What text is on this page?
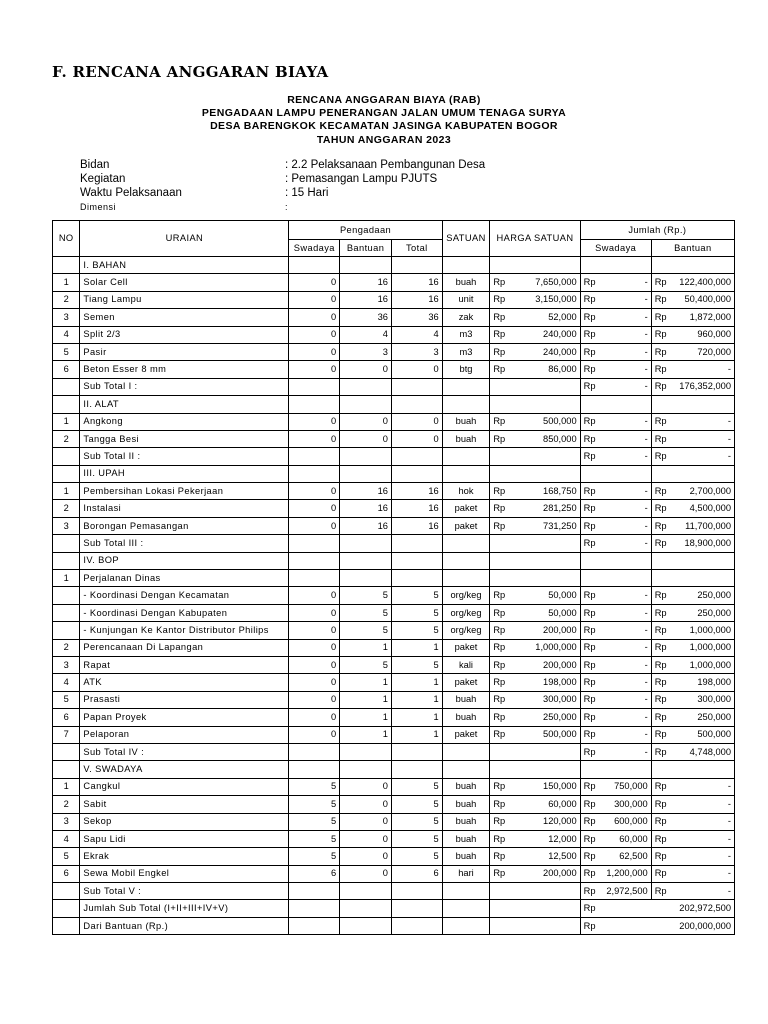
F. RENCANA ANGGARAN BIAYA
RENCANA ANGGARAN BIAYA (RAB)
PENGADAAN LAMPU PENERANGAN JALAN UMUM TENAGA SURYA
DESA BARENGKOK KECAMATAN JASINGA KABUPATEN BOGOR
TAHUN ANGGARAN 2023
Bidan	: 2.2 Pelaksanaan Pembangunan Desa
Kegiatan	: Pemasangan Lampu PJUTS
Waktu Pelaksanaan	: 15 Hari
Dimensi	:
NO	URAIAN	Pengadaan			SATUAN	HARGA SATUAN	Jumlah (Rp.)	
		Swadaya	Bantuan	Total			Swadaya	Bantuan
	I. BAHAN							
1	Solar Cell	0	16	16	buah	Rp 7,650,000	Rp -	Rp 122,400,000

2	Tiang Lampu	0	16	16	unit	Rp 3,150,000	Rp -	Rp 50,400,000

3	Semen	0	36	36	zak	Rp 52,000	Rp -	Rp 1,872,000

4	Split 2/3	0	4	4	m3	Rp 240,000	Rp -	Rp 960,000

5	Pasir	0	3	3	m3	Rp 240,000	Rp -	Rp 720,000

6	Beton Esser 8 mm	0	0	0	btg	Rp 86,000	Rp -	Rp -

	Sub Total I :						Rp -	Rp 176,352,000

	II. ALAT							
1	Angkong	0	0	0	buah	Rp 500,000	Rp -	Rp -

2	Tangga Besi	0	0	0	buah	Rp 850,000	Rp -	Rp -

	Sub Total II :						Rp -	Rp -

	III. UPAH							
1	Pembersihan Lokasi Pekerjaan	0	16	16	hok	Rp 168,750	Rp -	Rp 2,700,000

2	Instalasi	0	16	16	paket	Rp 281,250	Rp -	Rp 4,500,000

3	Borongan Pemasangan	0	16	16	paket	Rp 731,250	Rp -	Rp 11,700,000

	Sub Total III :						Rp -	Rp 18,900,000

	IV. BOP							
1	Perjalanan Dinas							
	- Koordinasi Dengan Kecamatan	0	5	5	org/keg	Rp 50,000	Rp -	Rp 250,000

	- Koordinasi Dengan Kabupaten	0	5	5	org/keg	Rp 50,000	Rp -	Rp 250,000

	- Kunjungan Ke Kantor Distributor Philips	0	5	5	org/keg	Rp 200,000	Rp -	Rp 1,000,000

2	Perencanaan Di Lapangan	0	1	1	paket	Rp 1,000,000	Rp -	Rp 1,000,000

3	Rapat	0	5	5	kali	Rp 200,000	Rp -	Rp 1,000,000

4	ATK	0	1	1	paket	Rp 198,000	Rp -	Rp 198,000

5	Prasasti	0	1	1	buah	Rp 300,000	Rp -	Rp 300,000

6	Papan Proyek	0	1	1	buah	Rp 250,000	Rp -	Rp 250,000

7	Pelaporan	0	1	1	paket	Rp 500,000	Rp -	Rp 500,000

	Sub Total IV :						Rp -	Rp 4,748,000

	V. SWADAYA							
1	Cangkul	5	0	5	buah	Rp 150,000	Rp 750,000	Rp -

2	Sabit	5	0	5	buah	Rp 60,000	Rp 300,000	Rp -

3	Sekop	5	0	5	buah	Rp 120,000	Rp 600,000	Rp -

4	Sapu Lidi	5	0	5	buah	Rp 12,000	Rp 60,000	Rp -

5	Ekrak	5	0	5	buah	Rp 12,500	Rp 62,500	Rp -

6	Sewa Mobil Engkel	6	0	6	hari	Rp 200,000	Rp 1,200,000	Rp -

	Sub Total V :						Rp 2,972,500	Rp -

	Jumlah Sub Total (I+II+III+IV+V)						Rp 202,972,500	

	Dari Bantuan (Rp.)						Rp 200,000,000	
